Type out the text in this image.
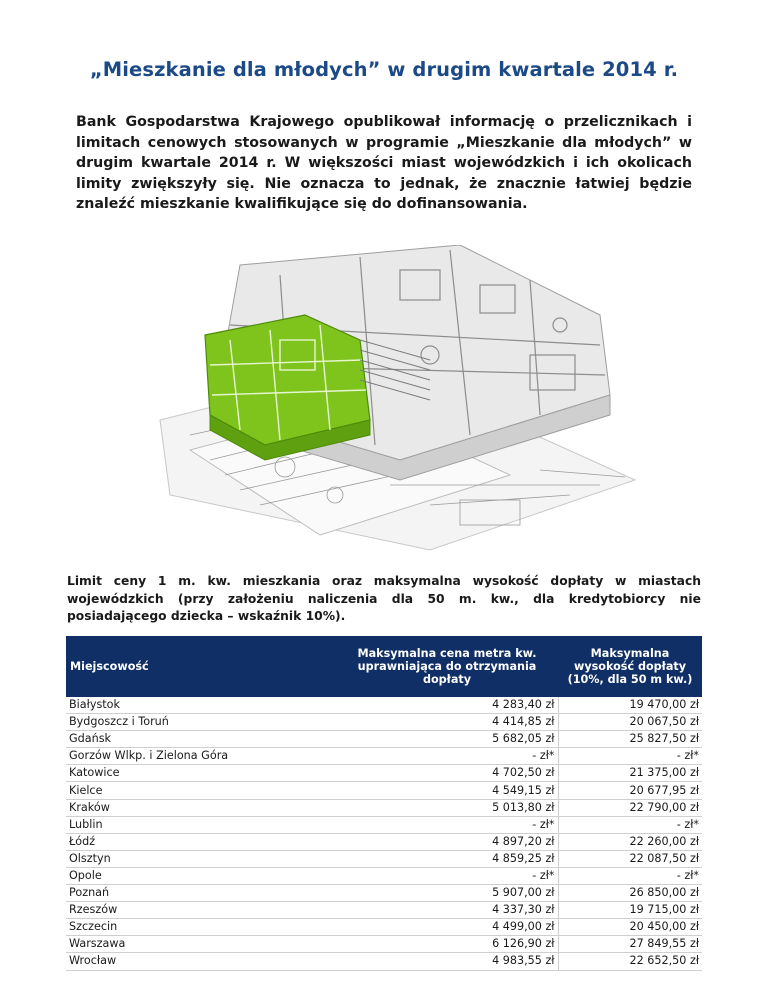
„Mieszkanie dla młodych” w drugim kwartale 2014 r.

Bank Gospodarstwa Krajowego opublikował informację o przelicznikach i limitach cenowych stosowanych w programie „Mieszkanie dla młodych” w drugim kwartale 2014 r. W większości miast wojewódzkich i ich okolicach limity zwiększyły się. Nie oznacza to jednak, że znacznie łatwiej będzie znaleźć mieszkanie kwalifikujące się do dofinansowania.

Limit ceny 1 m. kw. mieszkania oraz maksymalna wysokość dopłaty w miastach wojewódzkich (przy założeniu naliczenia dla 50 m. kw., dla kredytobiorcy nie posiadającego dziecka – wskaźnik 10%).

Miejscowość	Maksymalna cena metra kw. uprawniająca do otrzymania dopłaty	Maksymalna wysokość dopłaty (10%, dla 50 m kw.)
Białystok	4 283,40 zł	19 470,00 zł
Bydgoszcz i Toruń	4 414,85 zł	20 067,50 zł
Gdańsk	5 682,05 zł	25 827,50 zł
Gorzów Wlkp. i Zielona Góra	- zł*	- zł*
Katowice	4 702,50 zł	21 375,00 zł
Kielce	4 549,15 zł	20 677,95 zł
Kraków	5 013,80 zł	22 790,00 zł
Lublin	- zł*	- zł*
Łódź	4 897,20 zł	22 260,00 zł
Olsztyn	4 859,25 zł	22 087,50 zł
Opole	- zł*	- zł*
Poznań	5 907,00 zł	26 850,00 zł
Rzeszów	4 337,30 zł	19 715,00 zł
Szczecin	4 499,00 zł	20 450,00 zł
Warszawa	6 126,90 zł	27 849,55 zł
Wrocław	4 983,55 zł	22 652,50 zł
